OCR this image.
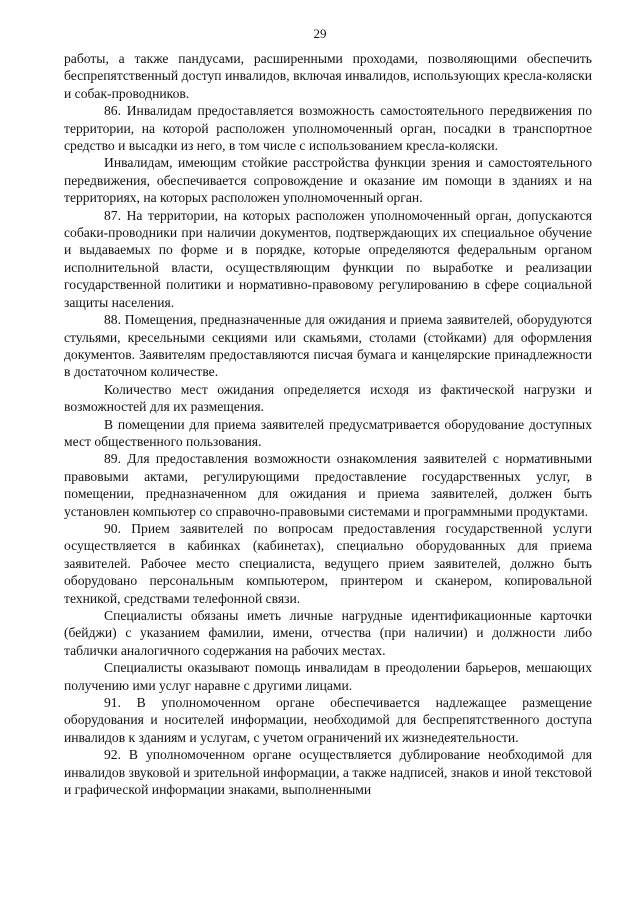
29

работы, а также пандусами, расширенными проходами, позволяющими обеспечить беспрепятственный доступ инвалидов, включая инвалидов, использующих кресла-коляски и собак-проводников.

86. Инвалидам предоставляется возможность самостоятельного передвижения по территории, на которой расположен уполномоченный орган, посадки в транспортное средство и высадки из него, в том числе с использованием кресла-коляски.

Инвалидам, имеющим стойкие расстройства функции зрения и самостоятельного передвижения, обеспечивается сопровождение и оказание им помощи в зданиях и на территориях, на которых расположен уполномоченный орган.

87. На территории, на которых расположен уполномоченный орган, допускаются собаки-проводники при наличии документов, подтверждающих их специальное обучение и выдаваемых по форме и в порядке, которые определяются федеральным органом исполнительной власти, осуществляющим функции по выработке и реализации государственной политики и нормативно-правовому регулированию в сфере социальной защиты населения.

88. Помещения, предназначенные для ожидания и приема заявителей, оборудуются стульями, кресельными секциями или скамьями, столами (стойками) для оформления документов. Заявителям предоставляются писчая бумага и канцелярские принадлежности в достаточном количестве.

Количество мест ожидания определяется исходя из фактической нагрузки и возможностей для их размещения.

В помещении для приема заявителей предусматривается оборудование доступных мест общественного пользования.

89. Для предоставления возможности ознакомления заявителей с нормативными правовыми актами, регулирующими предоставление государственных услуг, в помещении, предназначенном для ожидания и приема заявителей, должен быть установлен компьютер со справочно-правовыми системами и программными продуктами.

90. Прием заявителей по вопросам предоставления государственной услуги осуществляется в кабинках (кабинетах), специально оборудованных для приема заявителей. Рабочее место специалиста, ведущего прием заявителей, должно быть оборудовано персональным компьютером, принтером и сканером, копировальной техникой, средствами телефонной связи.

Специалисты обязаны иметь личные нагрудные идентификационные карточки (бейджи) с указанием фамилии, имени, отчества (при наличии) и должности либо таблички аналогичного содержания на рабочих местах.

Специалисты оказывают помощь инвалидам в преодолении барьеров, мешающих получению ими услуг наравне с другими лицами.

91. В уполномоченном органе обеспечивается надлежащее размещение оборудования и носителей информации, необходимой для беспрепятственного доступа инвалидов к зданиям и услугам, с учетом ограничений их жизнедеятельности.

92. В уполномоченном органе осуществляется дублирование необходимой для инвалидов звуковой и зрительной информации, а также надписей, знаков и иной текстовой и графической информации знаками, выполненными
